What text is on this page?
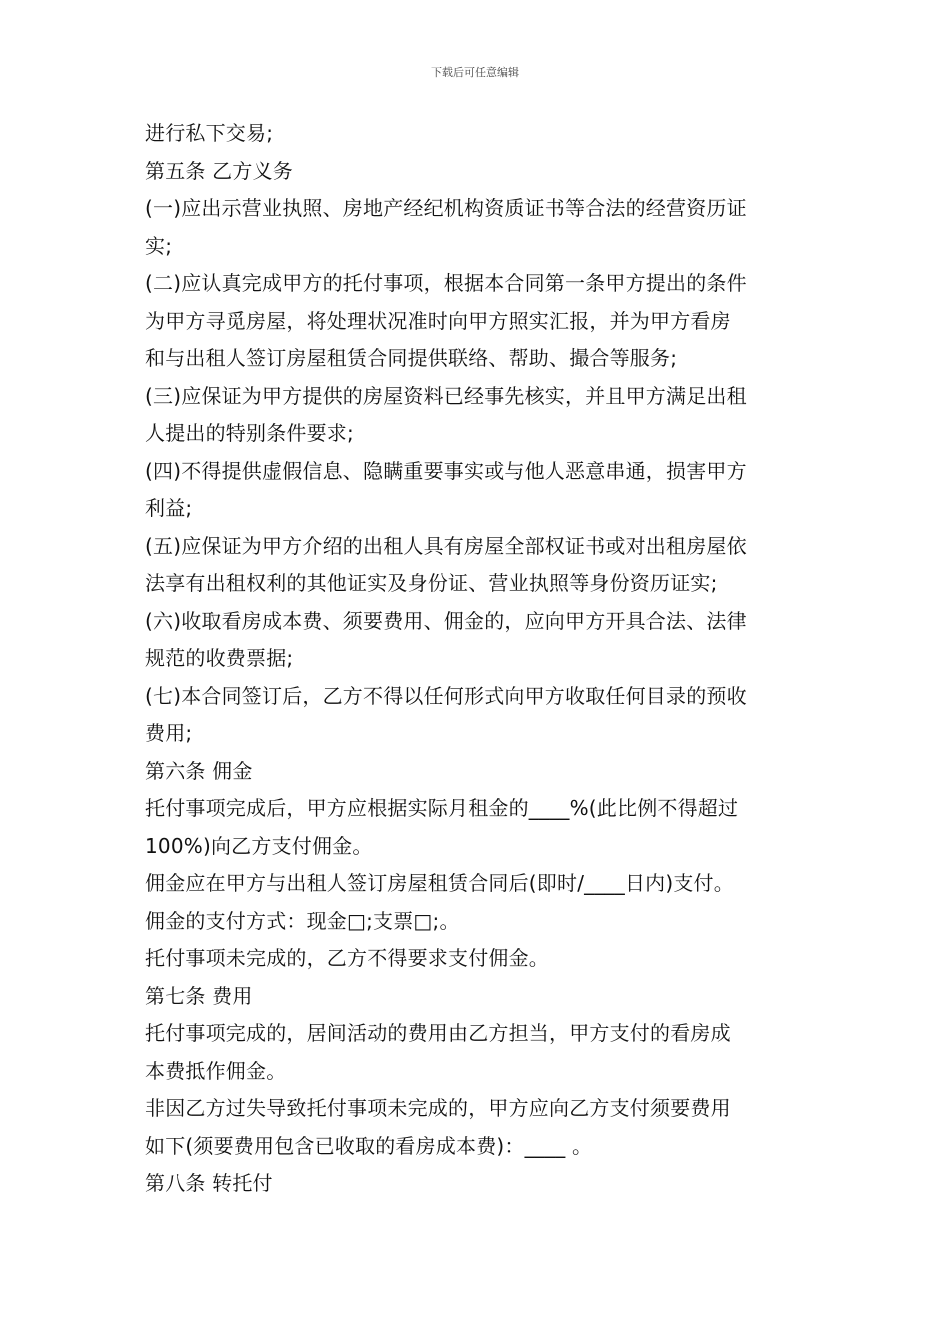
下载后可任意编辑

进行私下交易;

第五条 乙方义务

(一)应出示营业执照、房地产经纪机构资质证书等合法的经营资历证

实;

(二)应认真完成甲方的托付事项，根据本合同第一条甲方提出的条件

为甲方寻觅房屋，将处理状况准时向甲方照实汇报，并为甲方看房

和与出租人签订房屋租赁合同提供联络、帮助、撮合等服务;

(三)应保证为甲方提供的房屋资料已经事先核实，并且甲方满足出租

人提出的特别条件要求;

(四)不得提供虚假信息、隐瞒重要事实或与他人恶意串通，损害甲方

利益;

(五)应保证为甲方介绍的出租人具有房屋全部权证书或对出租房屋依

法享有出租权利的其他证实及身份证、营业执照等身份资历证实;

(六)收取看房成本费、须要费用、佣金的，应向甲方开具合法、法律

规范的收费票据;

(七)本合同签订后，乙方不得以任何形式向甲方收取任何目录的预收

费用;

第六条 佣金

托付事项完成后，甲方应根据实际月租金的____%(此比例不得超过

100%)向乙方支付佣金。

佣金应在甲方与出租人签订房屋租赁合同后(即时/____日内)支付。

佣金的支付方式：现金□;支票□;。

托付事项未完成的，乙方不得要求支付佣金。

第七条 费用

托付事项完成的，居间活动的费用由乙方担当，甲方支付的看房成

本费抵作佣金。

非因乙方过失导致托付事项未完成的，甲方应向乙方支付须要费用

如下(须要费用包含已收取的看房成本费)：____ 。

第八条 转托付
